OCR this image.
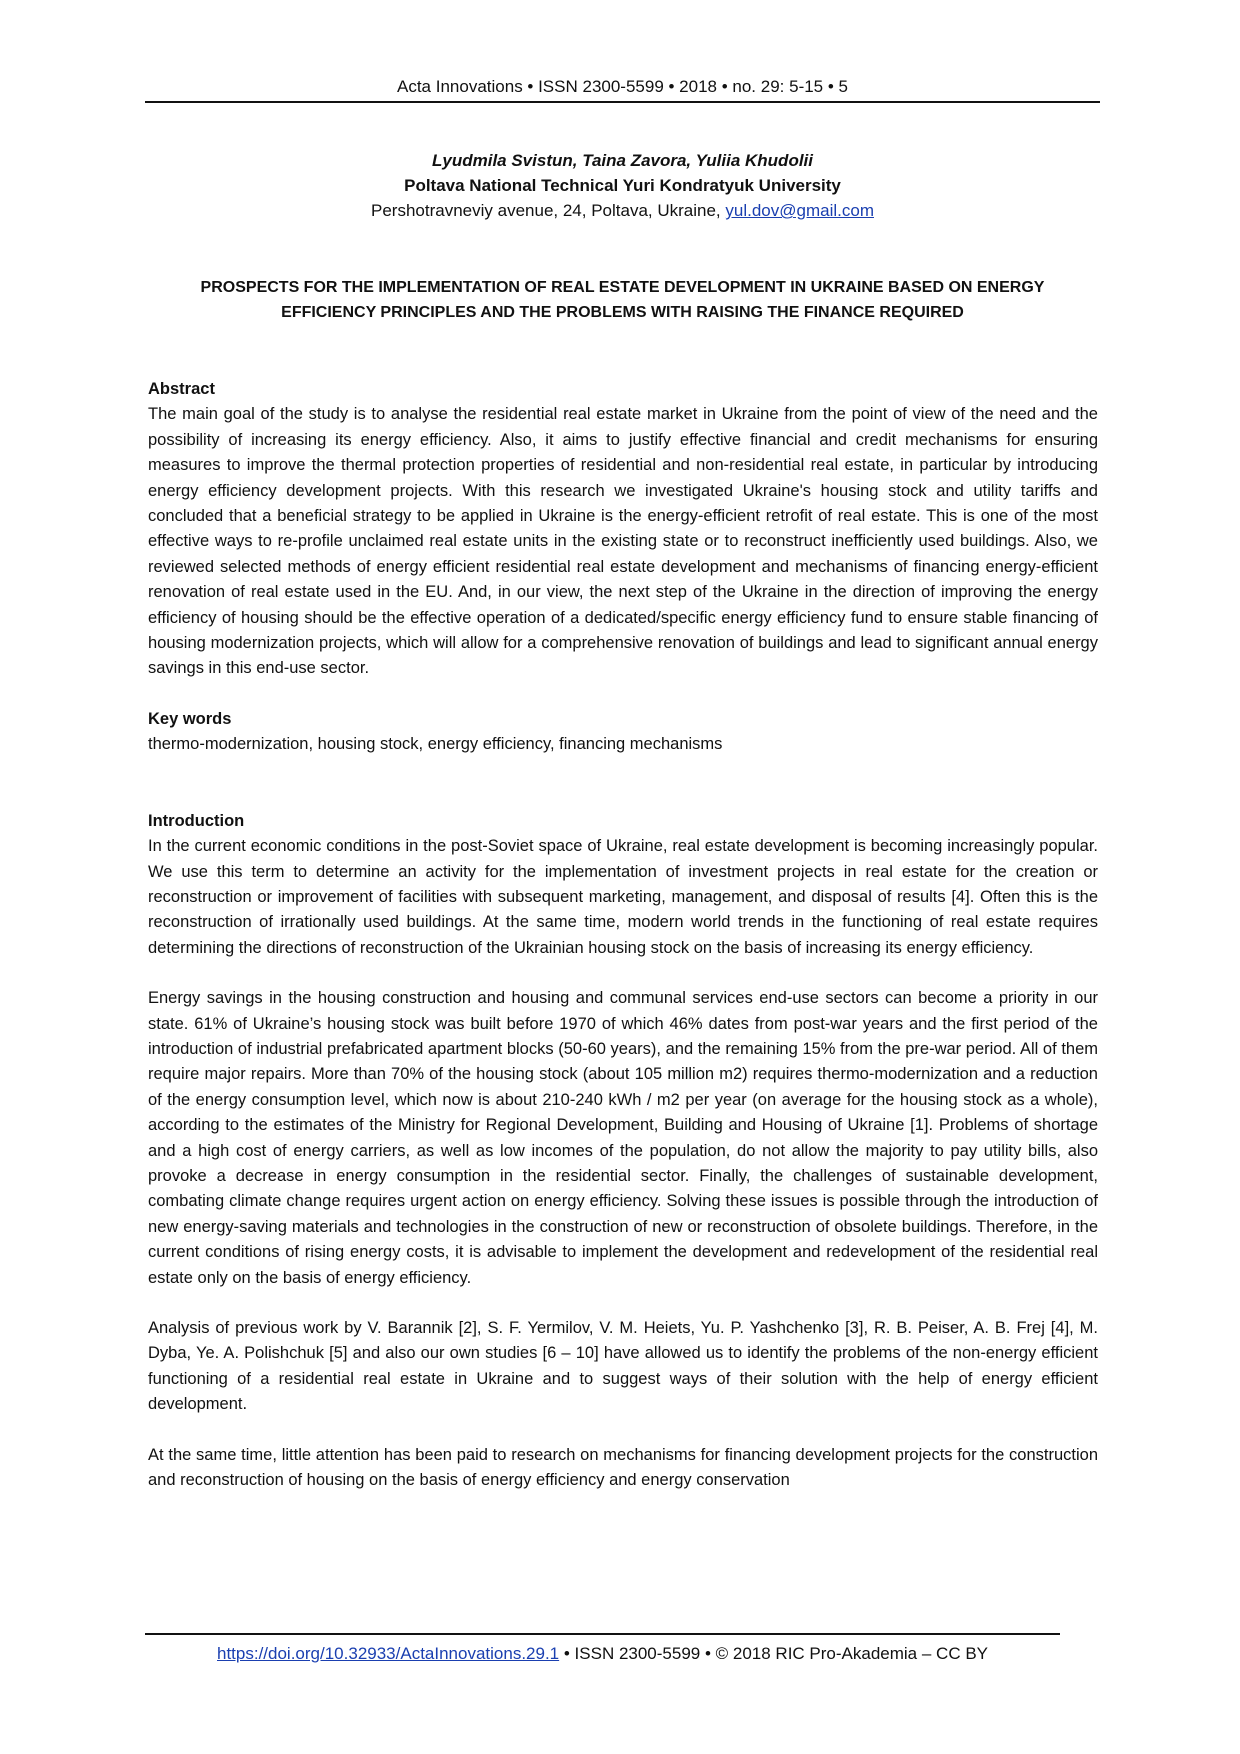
Acta Innovations • ISSN 2300-5599 • 2018 • no. 29: 5-15 • 5
Lyudmila Svistun, Taina Zavora, Yuliia Khudolii
Poltava National Technical Yuri Kondratyuk University
Pershotravneviy avenue, 24, Poltava, Ukraine, yul.dov@gmail.com
PROSPECTS FOR THE IMPLEMENTATION OF REAL ESTATE DEVELOPMENT IN UKRAINE BASED ON ENERGY EFFICIENCY PRINCIPLES AND THE PROBLEMS WITH RAISING THE FINANCE REQUIRED

Abstract

The main goal of the study is to analyse the residential real estate market in Ukraine from the point of view of the need and the possibility of increasing its energy efficiency. Also, it aims to justify effective financial and credit mechanisms for ensuring measures to improve the thermal protection properties of residential and non-residential real estate, in particular by introducing energy efficiency development projects. With this research we investigated Ukraine's housing stock and utility tariffs and concluded that a beneficial strategy to be applied in Ukraine is the energy-efficient retrofit of real estate. This is one of the most effective ways to re-profile unclaimed real estate units in the existing state or to reconstruct inefficiently used buildings. Also, we reviewed selected methods of energy efficient residential real estate development and mechanisms of financing energy-efficient renovation of real estate used in the EU. And, in our view, the next step of the Ukraine in the direction of improving the energy efficiency of housing should be the effective operation of a dedicated/specific energy efficiency fund to ensure stable financing of housing modernization projects, which will allow for a comprehensive renovation of buildings and lead to significant annual energy savings in this end-use sector.

Key words

thermo-modernization, housing stock, energy efficiency, financing mechanisms

Introduction

In the current economic conditions in the post-Soviet space of Ukraine, real estate development is becoming increasingly popular. We use this term to determine an activity for the implementation of investment projects in real estate for the creation or reconstruction or improvement of facilities with subsequent marketing, management, and disposal of results [4]. Often this is the reconstruction of irrationally used buildings. At the same time, modern world trends in the functioning of real estate requires determining the directions of reconstruction of the Ukrainian housing stock on the basis of increasing its energy efficiency.

Energy savings in the housing construction and housing and communal services end-use sectors can become a priority in our state. 61% of Ukraine’s housing stock was built before 1970 of which 46% dates from post-war years and the first period of the introduction of industrial prefabricated apartment blocks (50-60 years), and the remaining 15% from the pre-war period. All of them require major repairs. More than 70% of the housing stock (about 105 million m2) requires thermo-modernization and a reduction of the energy consumption level, which now is about 210-240 kWh / m2 per year (on average for the housing stock as a whole), according to the estimates of the Ministry for Regional Development, Building and Housing of Ukraine [1]. Problems of shortage and a high cost of energy carriers, as well as low incomes of the population, do not allow the majority to pay utility bills, also provoke a decrease in energy consumption in the residential sector. Finally, the challenges of sustainable development, combating climate change requires urgent action on energy efficiency. Solving these issues is possible through the introduction of new energy-saving materials and technologies in the construction of new or reconstruction of obsolete buildings. Therefore, in the current conditions of rising energy costs, it is advisable to implement the development and redevelopment of the residential real estate only on the basis of energy efficiency.

Analysis of previous work by V. Barannik [2], S. F. Yermilov, V. M. Heiets, Yu. P. Yashchenko [3], R. B. Peiser, A. B. Frej [4], M. Dyba, Ye. A. Polishchuk [5] and also our own studies [6 – 10] have allowed us to identify the problems of the non-energy efficient functioning of a residential real estate in Ukraine and to suggest ways of their solution with the help of energy efficient development.

At the same time, little attention has been paid to research on mechanisms for financing development projects for the construction and reconstruction of housing on the basis of energy efficiency and energy conservation

https://doi.org/10.32933/ActaInnovations.29.1 • ISSN 2300-5599 • © 2018 RIC Pro-Akademia – CC BY
